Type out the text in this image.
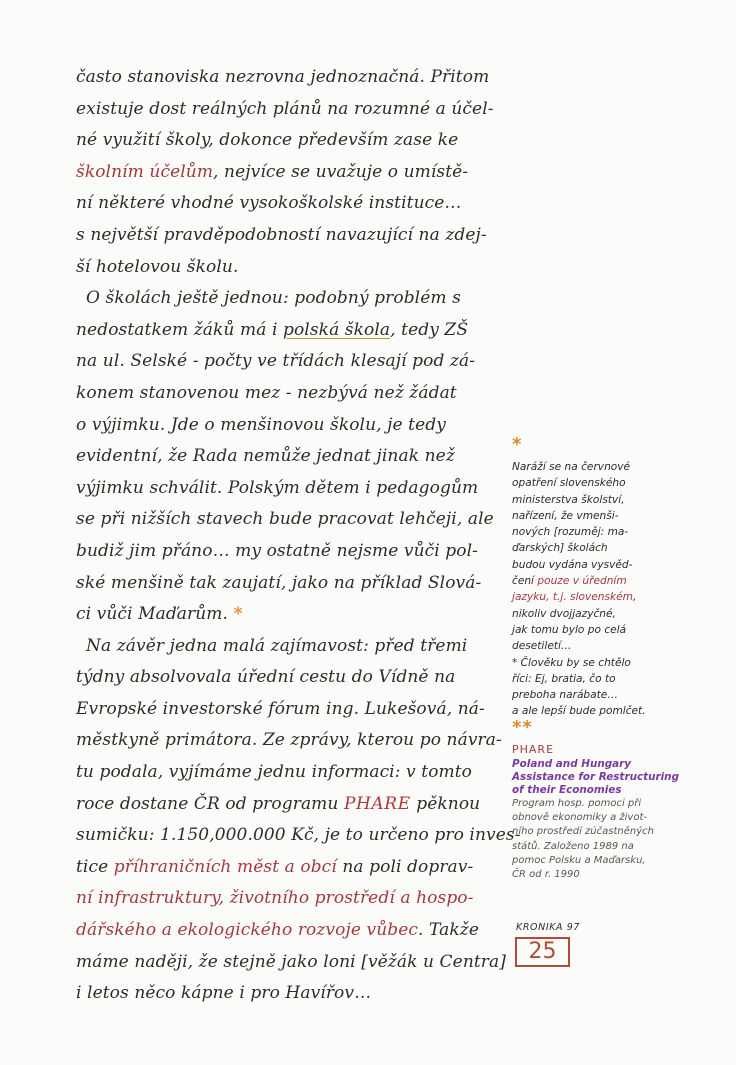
často stanoviska nezrovna jednoznačná. Přitom
existuje dost reálných plánů na rozumné a účel-
né využití školy, dokonce především zase ke
školním účelům, nejvíce se uvažuje o umístě-
ní některé vhodné vysokoškolské instituce…
s největší pravděpodobností navazující na zdej-
ší hotelovou školu.
O školách ještě jednou: podobný problém s
nedostatkem žáků má i polská škola, tedy ZŠ
na ul. Selské - počty ve třídách klesají pod zá-
konem stanovenou mez - nezbývá než žádat
o výjimku. Jde o menšinovou školu, je tedy
evidentní, že Rada nemůže jednat jinak než
výjimku schválit. Polským dětem i pedagogům
se při nižších stavech bude pracovat lehčeji, ale
budiž jim přáno… my ostatně nejsme vůči pol-
ské menšině tak zaujatí, jako na příklad Slová-
ci vůči Maďarům. *
Na závěr jedna malá zajímavost: před třemi
týdny absolvovala úřední cestu do Vídně na
Evropské investorské fórum ing. Lukešová, ná-
městkyně primátora. Ze zprávy, kterou po návra-
tu podala, vyjímáme jednu informaci: v tomto
roce dostane ČR od programu PHARE pěknou
sumičku: 1.150,000.000 Kč, je to určeno pro inves-
tice příhraničních měst a obcí na poli doprav-
ní infrastruktury, životního prostředí a hospo-
dářského a ekologického rozvoje vůbec. Takže
máme naději, že stejně jako loni [věžák u Centra]
i letos něco kápne i pro Havířov…
*
Naráží se na červnové
opatření slovenského
ministerstva školství,
nařízení, že vmenši-
nových [rozuměj: ma-
ďarských] školách
budou vydána vysvěd-
čení pouze v úředním
jazyku, t.j. slovenském,
nikoliv dvojjazyčné,
jak tomu bylo po celá
desetiletí…
* Člověku by se chtělo
říci: Ej, bratia, čo to
preboha narábate…
a ale lepší bude pomlčet.
**
PHARE
Poland and Hungary
Assistance for Restructuring
of their Economies
Program hosp. pomoci při
obnově ekonomiky a život-
ního prostředí zúčastněných
států. Založeno 1989 na
pomoc Polsku a Maďarsku,
ČR od r. 1990
KRONIKA 97
25
